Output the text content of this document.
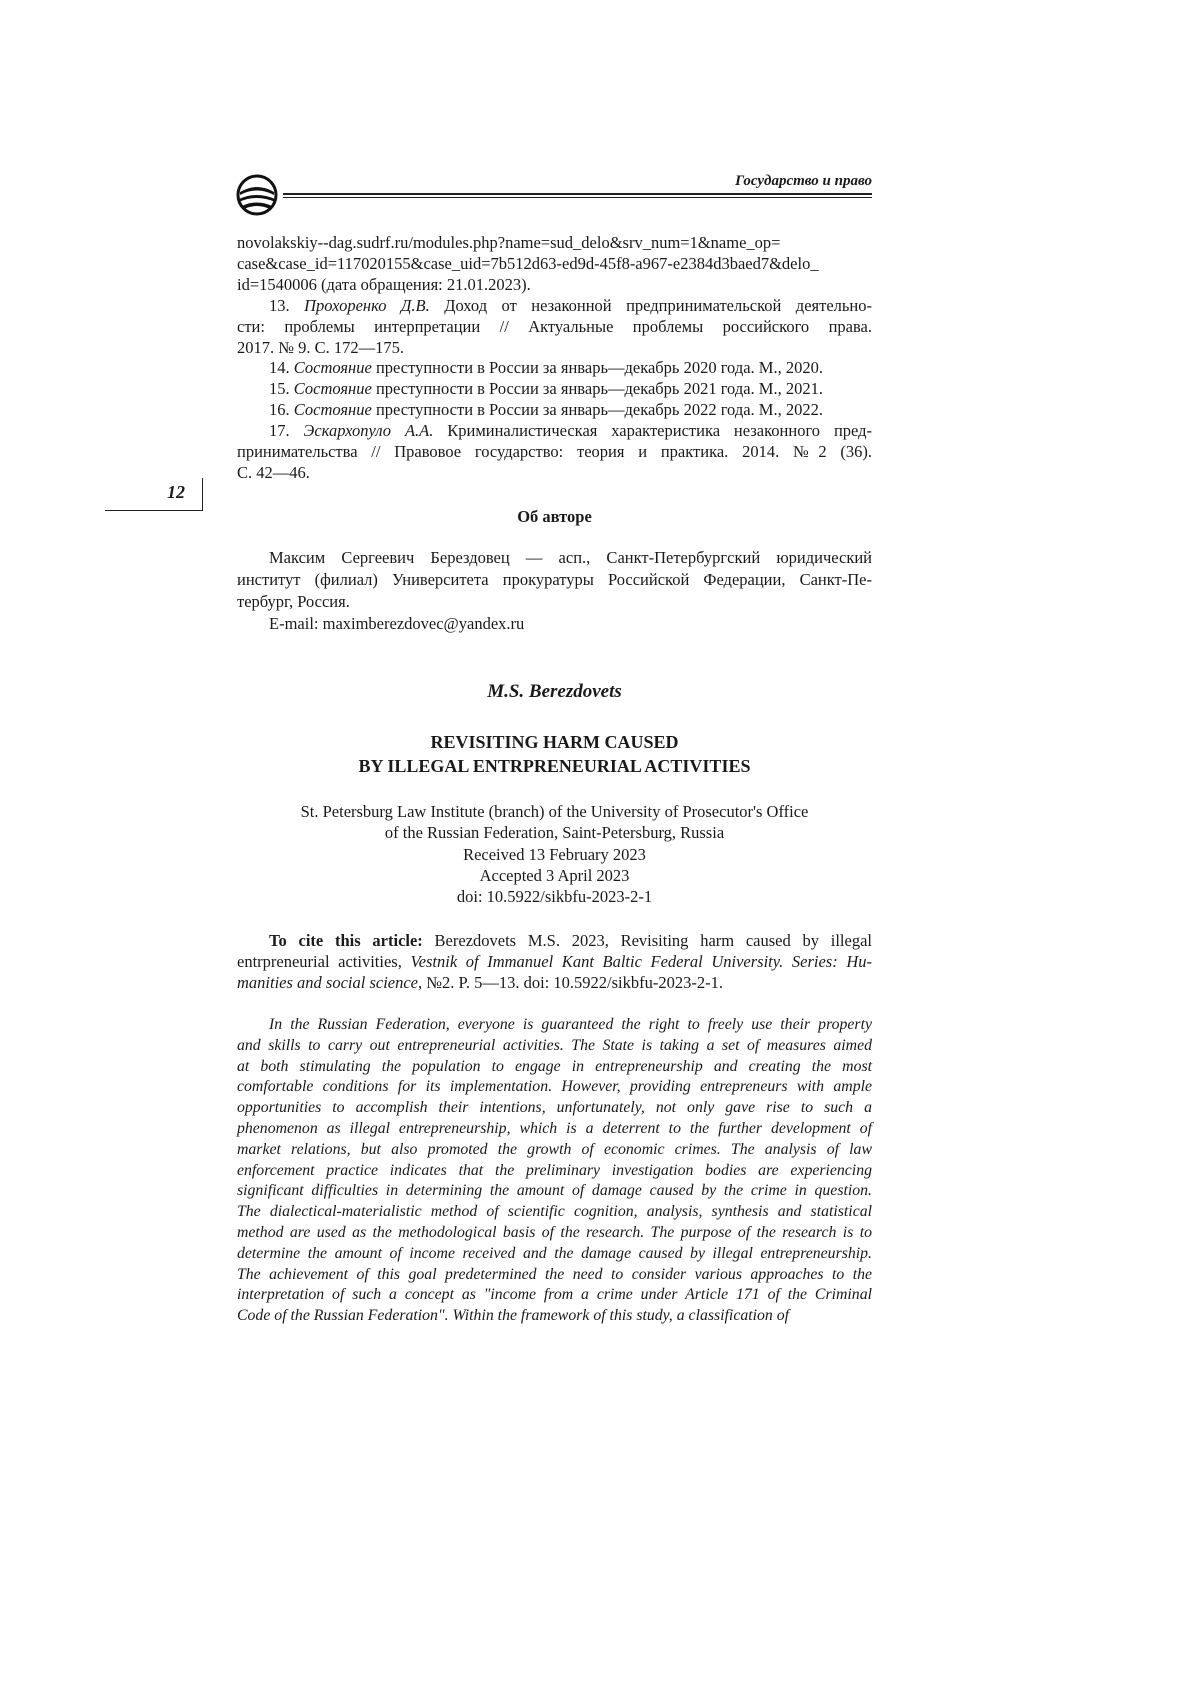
Государство и право
12
novolakskiy--dag.sudrf.ru/modules.php?name=sud_delo&srv_num=1&name_op=
case&case_id=117020155&case_uid=7b512d63-ed9d-45f8-a967-e2384d3baed7&delo_
id=1540006 (дата обращения: 21.01.2023).
13. Прохоренко Д.В. Доход от незаконной предпринимательской деятельно-
сти: проблемы интерпретации // Актуальные проблемы российского права.
2017. № 9. С. 172—175.
14. Состояние преступности в России за январь—декабрь 2020 года. М., 2020.
15. Состояние преступности в России за январь—декабрь 2021 года. М., 2021.
16. Состояние преступности в России за январь—декабрь 2022 года. М., 2022.
17. Эскархопуло А.А. Криминалистическая характеристика незаконного пред-
принимательства // Правовое государство: теория и практика. 2014. №2 (36).
С. 42—46.
Об авторе
Максим Сергеевич Берездовец — асп., Санкт-Петербургский юридический
институт (филиал) Университета прокуратуры Российской Федерации, Санкт-Пе-
тербург, Россия.
E-mail: maximberezdovec@yandex.ru
M.S. Berezdovets
REVISITING HARM CAUSED
BY ILLEGAL ENTRPRENEURIAL ACTIVITIES
St. Petersburg Law Institute (branch) of the University of Prosecutor's Office
of the Russian Federation, Saint-Petersburg, Russia
Received 13 February 2023
Accepted 3 April 2023
doi: 10.5922/sikbfu-2023-2-1
To cite this article: Berezdovets M.S. 2023, Revisiting harm caused by illegal
entrpreneurial activities, Vestnik of Immanuel Kant Baltic Federal University. Series: Hu-
manities and social science, №2. P. 5—13. doi: 10.5922/sikbfu-2023-2-1.
In the Russian Federation, everyone is guaranteed the right to freely use their property
and skills to carry out entrepreneurial activities. The State is taking a set of measures aimed
at both stimulating the population to engage in entrepreneurship and creating the most
comfortable conditions for its implementation. However, providing entrepreneurs with ample
opportunities to accomplish their intentions, unfortunately, not only gave rise to such a
phenomenon as illegal entrepreneurship, which is a deterrent to the further development of
market relations, but also promoted the growth of economic crimes. The analysis of law
enforcement practice indicates that the preliminary investigation bodies are experiencing
significant difficulties in determining the amount of damage caused by the crime in question.
The dialectical-materialistic method of scientific cognition, analysis, synthesis and statistical
method are used as the methodological basis of the research. The purpose of the research is to
determine the amount of income received and the damage caused by illegal entrepreneurship.
The achievement of this goal predetermined the need to consider various approaches to the
interpretation of such a concept as "income from a crime under Article 171 of the Criminal
Code of the Russian Federation". Within the framework of this study, a classification of
